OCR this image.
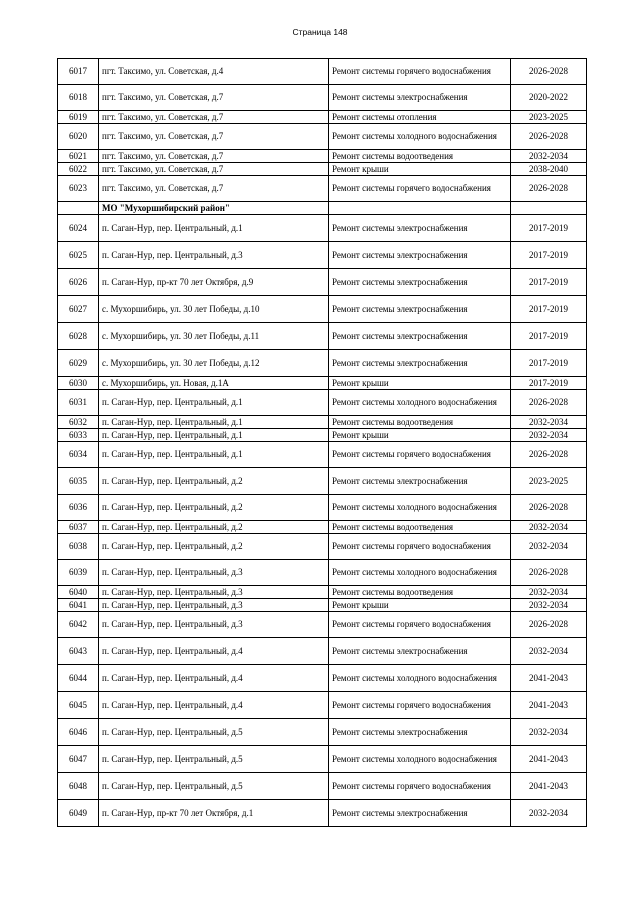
Страница 148
6017	пгт. Таксимо, ул. Советская, д.4	Ремонт системы горячего водоснабжения	2026-2028
6018	пгт. Таксимо, ул. Советская, д.7	Ремонт системы электроснабжения	2020-2022
6019	пгт. Таксимо, ул. Советская, д.7	Ремонт системы отопления	2023-2025
6020	пгт. Таксимо, ул. Советская, д.7	Ремонт системы холодного водоснабжения	2026-2028
6021	пгт. Таксимо, ул. Советская, д.7	Ремонт системы водоотведения	2032-2034
6022	пгт. Таксимо, ул. Советская, д.7	Ремонт крыши	2038-2040
6023	пгт. Таксимо, ул. Советская, д.7	Ремонт системы горячего водоснабжения	2026-2028
	МО "Мухоршибирский район"		
6024	п. Саган-Нур, пер. Центральный, д.1	Ремонт системы электроснабжения	2017-2019
6025	п. Саган-Нур, пер. Центральный, д.3	Ремонт системы электроснабжения	2017-2019
6026	п. Саган-Нур, пр-кт 70 лет Октября, д.9	Ремонт системы электроснабжения	2017-2019
6027	с. Мухоршибирь, ул. 30 лет Победы, д.10	Ремонт системы электроснабжения	2017-2019
6028	с. Мухоршибирь, ул. 30 лет Победы, д.11	Ремонт системы электроснабжения	2017-2019
6029	с. Мухоршибирь, ул. 30 лет Победы, д.12	Ремонт системы электроснабжения	2017-2019
6030	с. Мухоршибирь, ул. Новая, д.1А	Ремонт крыши	2017-2019
6031	п. Саган-Нур, пер. Центральный, д.1	Ремонт системы холодного водоснабжения	2026-2028
6032	п. Саган-Нур, пер. Центральный, д.1	Ремонт системы водоотведения	2032-2034
6033	п. Саган-Нур, пер. Центральный, д.1	Ремонт крыши	2032-2034
6034	п. Саган-Нур, пер. Центральный, д.1	Ремонт системы горячего водоснабжения	2026-2028
6035	п. Саган-Нур, пер. Центральный, д.2	Ремонт системы электроснабжения	2023-2025
6036	п. Саган-Нур, пер. Центральный, д.2	Ремонт системы холодного водоснабжения	2026-2028
6037	п. Саган-Нур, пер. Центральный, д.2	Ремонт системы водоотведения	2032-2034
6038	п. Саган-Нур, пер. Центральный, д.2	Ремонт системы горячего водоснабжения	2032-2034
6039	п. Саган-Нур, пер. Центральный, д.3	Ремонт системы холодного водоснабжения	2026-2028
6040	п. Саган-Нур, пер. Центральный, д.3	Ремонт системы водоотведения	2032-2034
6041	п. Саган-Нур, пер. Центральный, д.3	Ремонт крыши	2032-2034
6042	п. Саган-Нур, пер. Центральный, д.3	Ремонт системы горячего водоснабжения	2026-2028
6043	п. Саган-Нур, пер. Центральный, д.4	Ремонт системы электроснабжения	2032-2034
6044	п. Саган-Нур, пер. Центральный, д.4	Ремонт системы холодного водоснабжения	2041-2043
6045	п. Саган-Нур, пер. Центральный, д.4	Ремонт системы горячего водоснабжения	2041-2043
6046	п. Саган-Нур, пер. Центральный, д.5	Ремонт системы электроснабжения	2032-2034
6047	п. Саган-Нур, пер. Центральный, д.5	Ремонт системы холодного водоснабжения	2041-2043
6048	п. Саган-Нур, пер. Центральный, д.5	Ремонт системы горячего водоснабжения	2041-2043
6049	п. Саган-Нур, пр-кт 70 лет Октября, д.1	Ремонт системы электроснабжения	2032-2034
